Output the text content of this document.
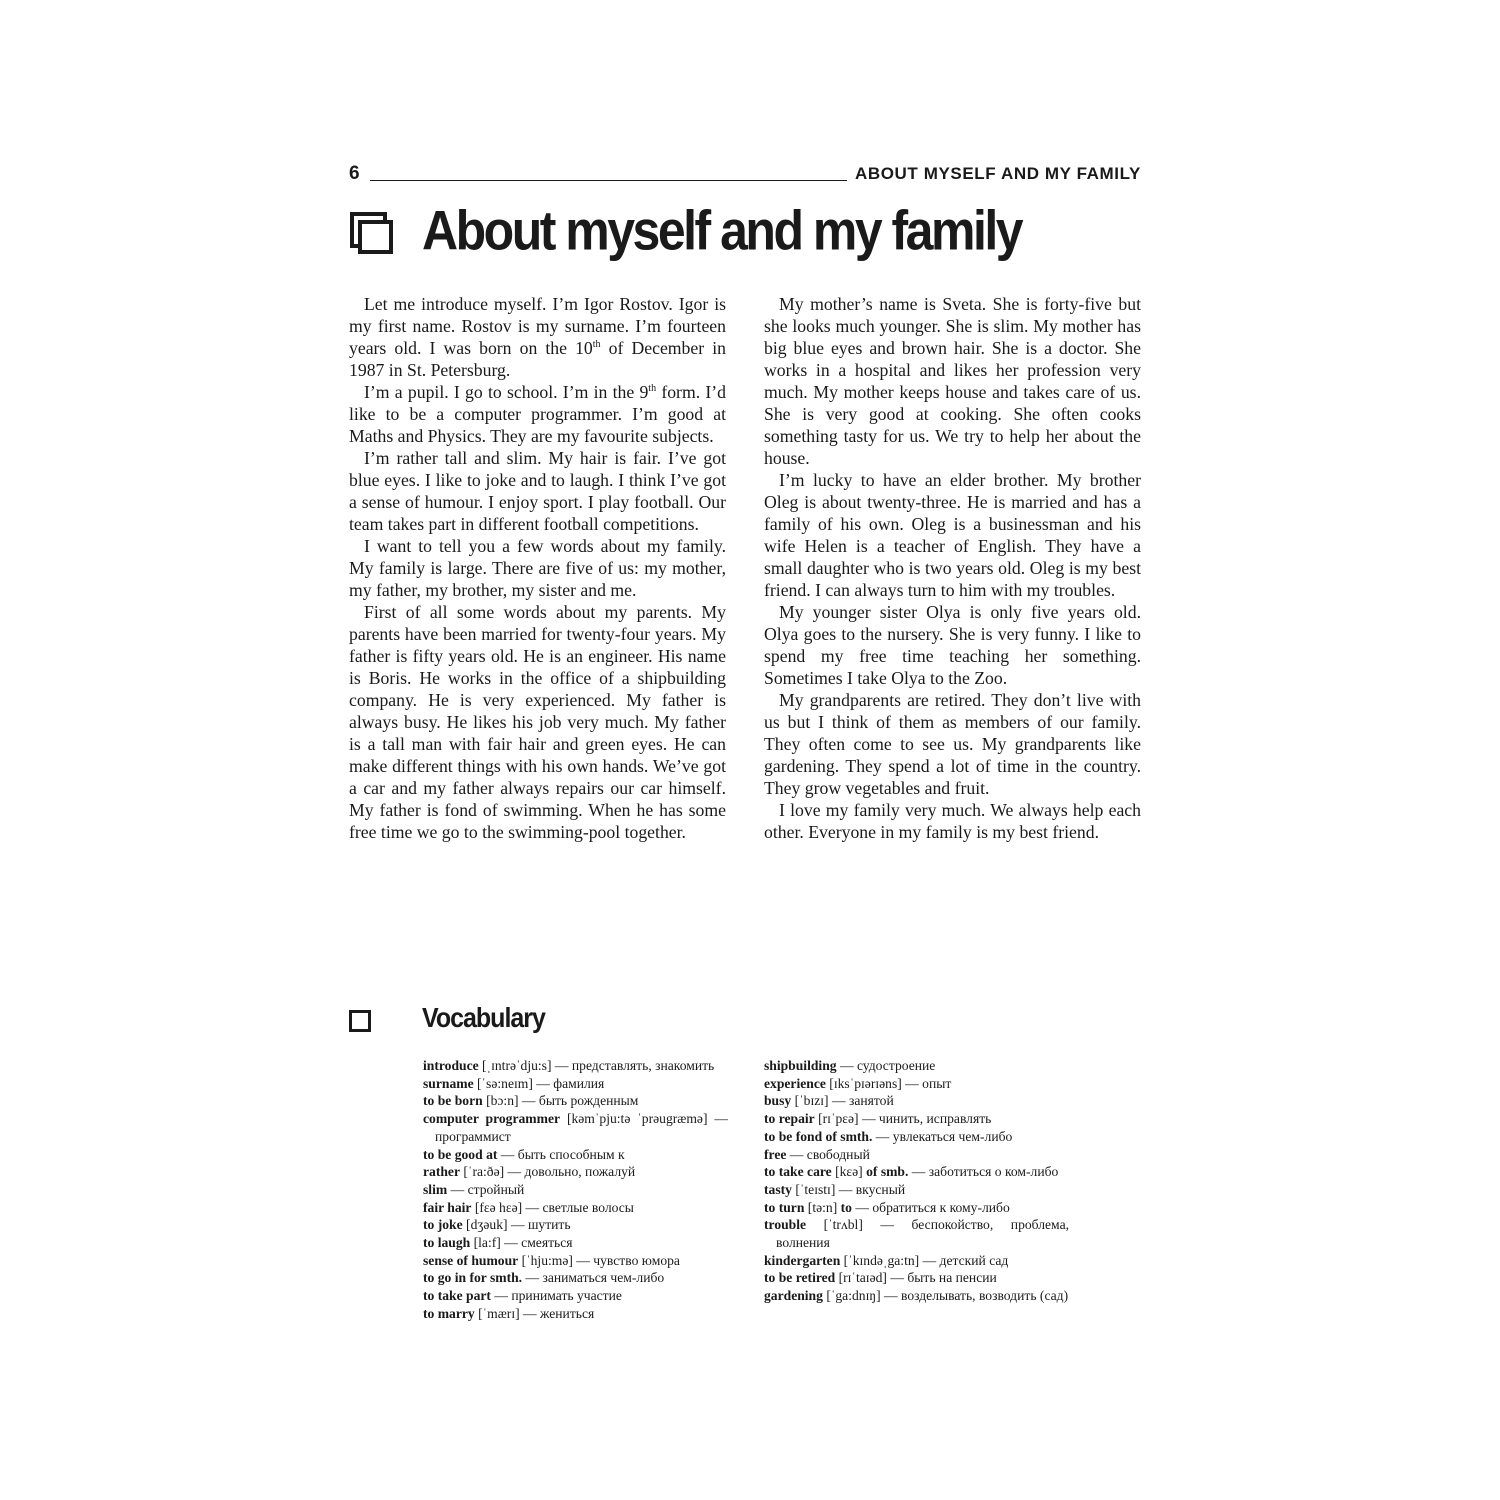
6	ABOUT MYSELF AND MY FAMILY
About myself and my family

Let me introduce myself. I’m Igor Rostov. Igor is my first name. Rostov is my surname. I’m fourteen years old. I was born on the 10th of December in 1987 in St. Petersburg.

I’m a pupil. I go to school. I’m in the 9th form. I’d like to be a computer programmer. I’m good at Maths and Physics. They are my favourite subjects.

I’m rather tall and slim. My hair is fair. I’ve got blue eyes. I like to joke and to laugh. I think I’ve got a sense of humour. I enjoy sport. I play football. Our team takes part in different football competitions.

I want to tell you a few words about my family. My family is large. There are five of us: my mother, my father, my brother, my sister and me.

First of all some words about my parents. My parents have been married for twenty-four years. My father is fifty years old. He is an engineer. His name is Boris. He works in the office of a shipbuilding company. He is very experienced. My father is always busy. He likes his job very much. My father is a tall man with fair hair and green eyes. He can make different things with his own hands. We’ve got a car and my father always repairs our car himself. My father is fond of swimming. When he has some free time we go to the swimming-pool together.

My mother’s name is Sveta. She is forty-five but she looks much younger. She is slim. My mother has big blue eyes and brown hair. She is a doctor. She works in a hospital and likes her profession very much. My mother keeps house and takes care of us. She is very good at cooking. She often cooks something tasty for us. We try to help her about the house.

I’m lucky to have an elder brother. My brother Oleg is about twenty-three. He is married and has a family of his own. Oleg is a businessman and his wife Helen is a teacher of English. They have a small daughter who is two years old. Oleg is my best friend. I can always turn to him with my troubles.

My younger sister Olya is only five years old. Olya goes to the nursery. She is very funny. I like to spend my free time teaching her something. Sometimes I take Olya to the Zoo.

My grandparents are retired. They don’t live with us but I think of them as members of our family. They often come to see us. My grandparents like gardening. They spend a lot of time in the country. They grow vegetables and fruit.

I love my family very much. We always help each other. Everyone in my family is my best friend.

Vocabulary
introduce [ˌɪntrəˈdju:s] — представлять, знакомить
surname [ˈsə:neɪm] — фамилия
to be born [bɔ:n] — быть рожденным
computer programmer [kəmˈpju:tə ˈprəugræmə] — программист
to be good at — быть способным к
rather [ˈra:ðə] — довольно, пожалуй
slim — стройный
fair hair [fɛə hɛə] — светлые волосы
to joke [dʒəuk] — шутить
to laugh [la:f] — смеяться
sense of humour [ˈhju:mə] — чувство юмора
to go in for smth. — заниматься чем-либо
to take part — принимать участие
to marry [ˈmærɪ] — жениться
shipbuilding — судостроение
experience [ɪksˈpɪərɪəns] — опыт
busy [ˈbɪzɪ] — занятой
to repair [rɪˈpɛə] — чинить, исправлять
to be fond of smth. — увлекаться чем-либо
free — свободный
to take care [kɛə] of smb. — заботиться о ком-либо
tasty [ˈteɪstɪ] — вкусный
to turn [tə:n] to — обратиться к кому-либо
trouble [ˈtrʌbl] — беспокойство, проблема, волнения
kindergarten [ˈkɪndəˌga:tn] — детский сад
to be retired [rɪˈtaɪəd] — быть на пенсии
gardening [ˈga:dnɪŋ] — возделывать, возводить (сад)
